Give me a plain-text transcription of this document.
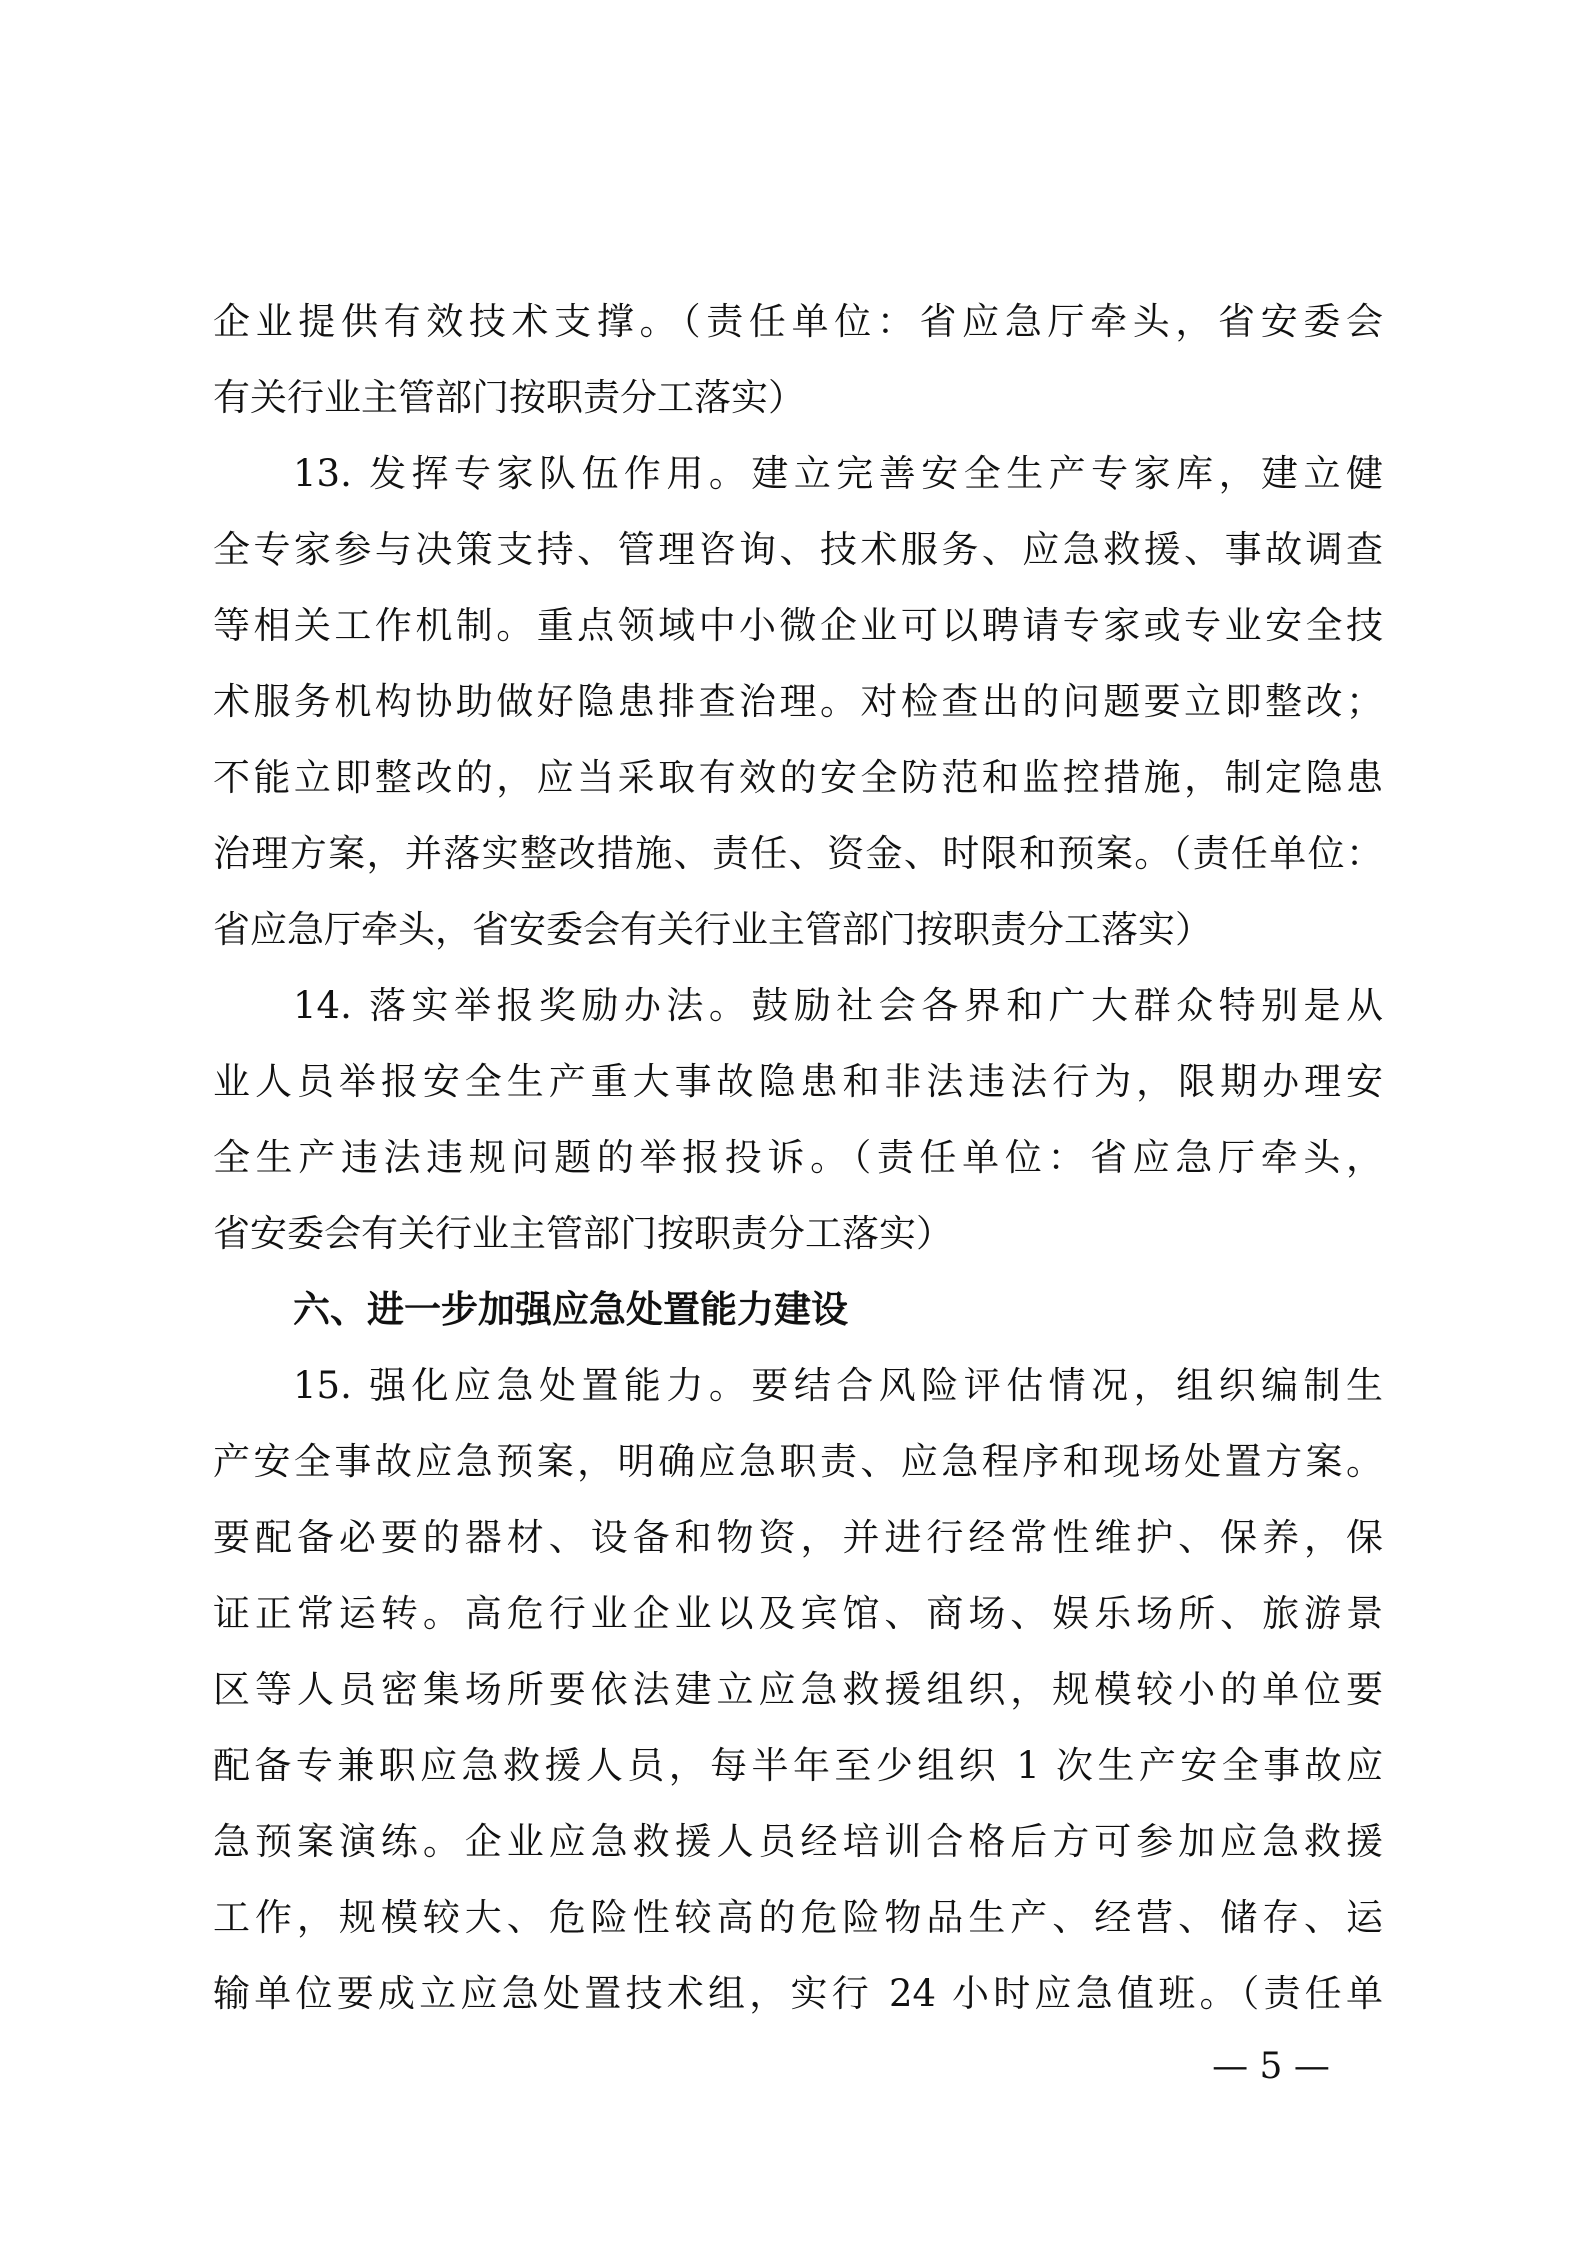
企业提供有效技术支撑。（责任单位：省应急厅牵头，省安委会
有关行业主管部门按职责分工落实）
13. 发挥专家队伍作用。建立完善安全生产专家库，建立健
全专家参与决策支持、管理咨询、技术服务、应急救援、事故调查
等相关工作机制。重点领域中小微企业可以聘请专家或专业安全技
术服务机构协助做好隐患排查治理。对检查出的问题要立即整改；
不能立即整改的，应当采取有效的安全防范和监控措施，制定隐患
治理方案，并落实整改措施、责任、资金、时限和预案。（责任单位：
省应急厅牵头，省安委会有关行业主管部门按职责分工落实）
14. 落实举报奖励办法。鼓励社会各界和广大群众特别是从
业人员举报安全生产重大事故隐患和非法违法行为，限期办理安
全生产违法违规问题的举报投诉。（责任单位：省应急厅牵头，
省安委会有关行业主管部门按职责分工落实）
六、进一步加强应急处置能力建设
15. 强化应急处置能力。要结合风险评估情况，组织编制生
产安全事故应急预案，明确应急职责、应急程序和现场处置方案。
要配备必要的器材、设备和物资，并进行经常性维护、保养，保
证正常运转。高危行业企业以及宾馆、商场、娱乐场所、旅游景
区等人员密集场所要依法建立应急救援组织，规模较小的单位要
配备专兼职应急救援人员，每半年至少组织 1 次生产安全事故应
急预案演练。企业应急救援人员经培训合格后方可参加应急救援
工作，规模较大、危险性较高的危险物品生产、经营、储存、运
输单位要成立应急处置技术组，实行 24 小时应急值班。（责任单
— 5 —
